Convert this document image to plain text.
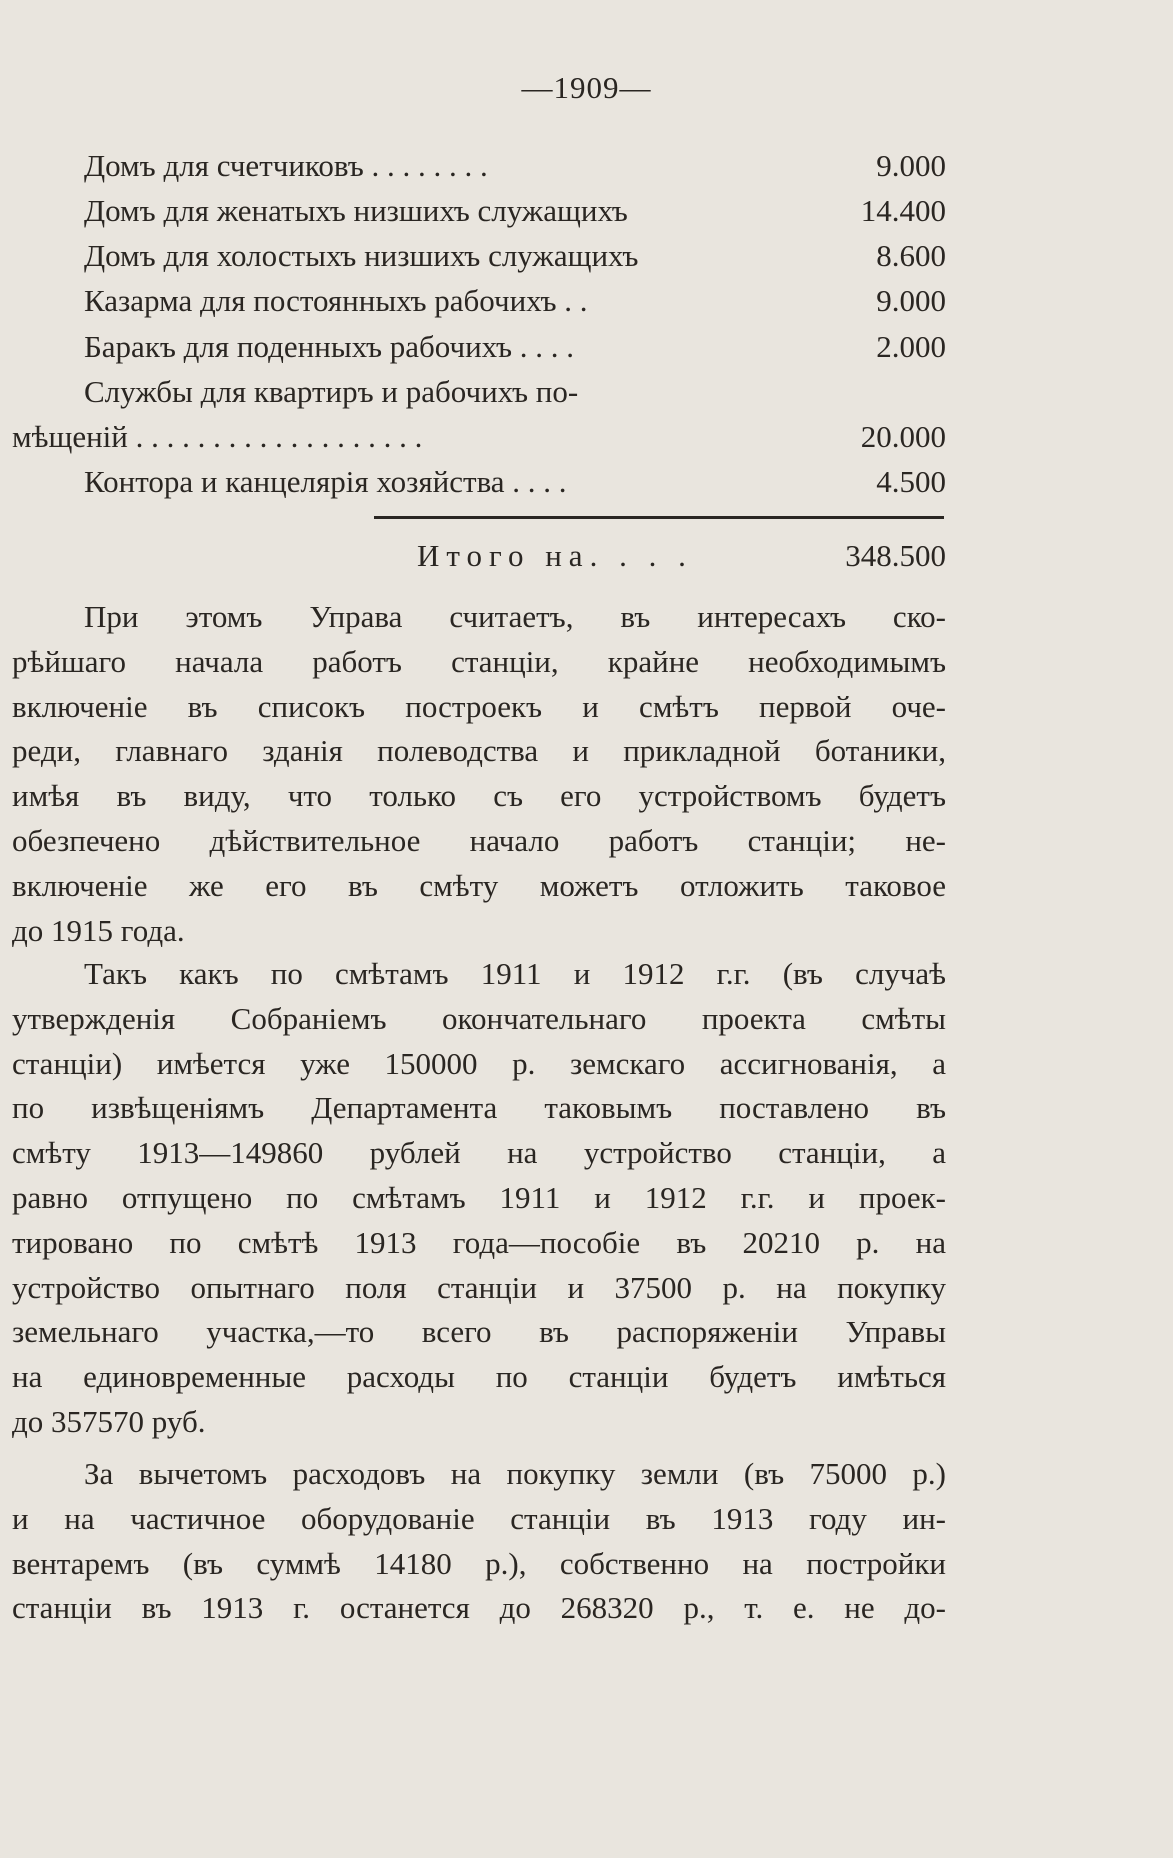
—1909—
Домъ для счетчиковъ . . . . . . . .	9.000
Домъ для женатыхъ низшихъ служащихъ	14.400
Домъ для холостыхъ низшихъ служащихъ	8.600
Казарма для постоянныхъ рабочихъ . .	9.000
Баракъ для поденныхъ рабочихъ . . . .	2.000
Службы для квартиръ и рабочихъ по-
мѣщеній . . . . . . . . . . . . . . . . . . .	20.000
Контора и канцелярія хозяйства . . . .	4.500
Итого на. . . .	348.500
При этомъ Управа считаетъ, въ интересахъ ско-
рѣйшаго начала работъ станціи, крайне необходимымъ
включеніе въ списокъ построекъ и смѣтъ первой оче-
реди, главнаго зданія полеводства и прикладной ботаники,
имѣя въ виду, что только съ его устройствомъ будетъ
обезпечено дѣйствительное начало работъ станціи; не-
включеніе же его въ смѣту можетъ отложить таковое
до 1915 года.
Такъ какъ по смѣтамъ 1911 и 1912 г.г. (въ случаѣ
утвержденія Собраніемъ окончательнаго проекта смѣты
станціи) имѣется уже 150000 р. земскаго ассигнованія, а
по извѣщеніямъ Департамента таковымъ поставлено въ
смѣту 1913—149860 рублей на устройство станціи, а
равно отпущено по смѣтамъ 1911 и 1912 г.г. и проек-
тировано по смѣтѣ 1913 года—пособіе въ 20210 р. на
устройство опытнаго поля станціи и 37500 р. на покупку
земельнаго участка,—то всего въ распоряженіи Управы
на единовременные расходы по станціи будетъ имѣться
до 357570 руб.
За вычетомъ расходовъ на покупку земли (въ 75000 р.)
и на частичное оборудованіе станціи въ 1913 году ин-
вентаремъ (въ суммѣ 14180 р.), собственно на постройки
станціи въ 1913 г. останется до 268320 р., т. е. не до-
